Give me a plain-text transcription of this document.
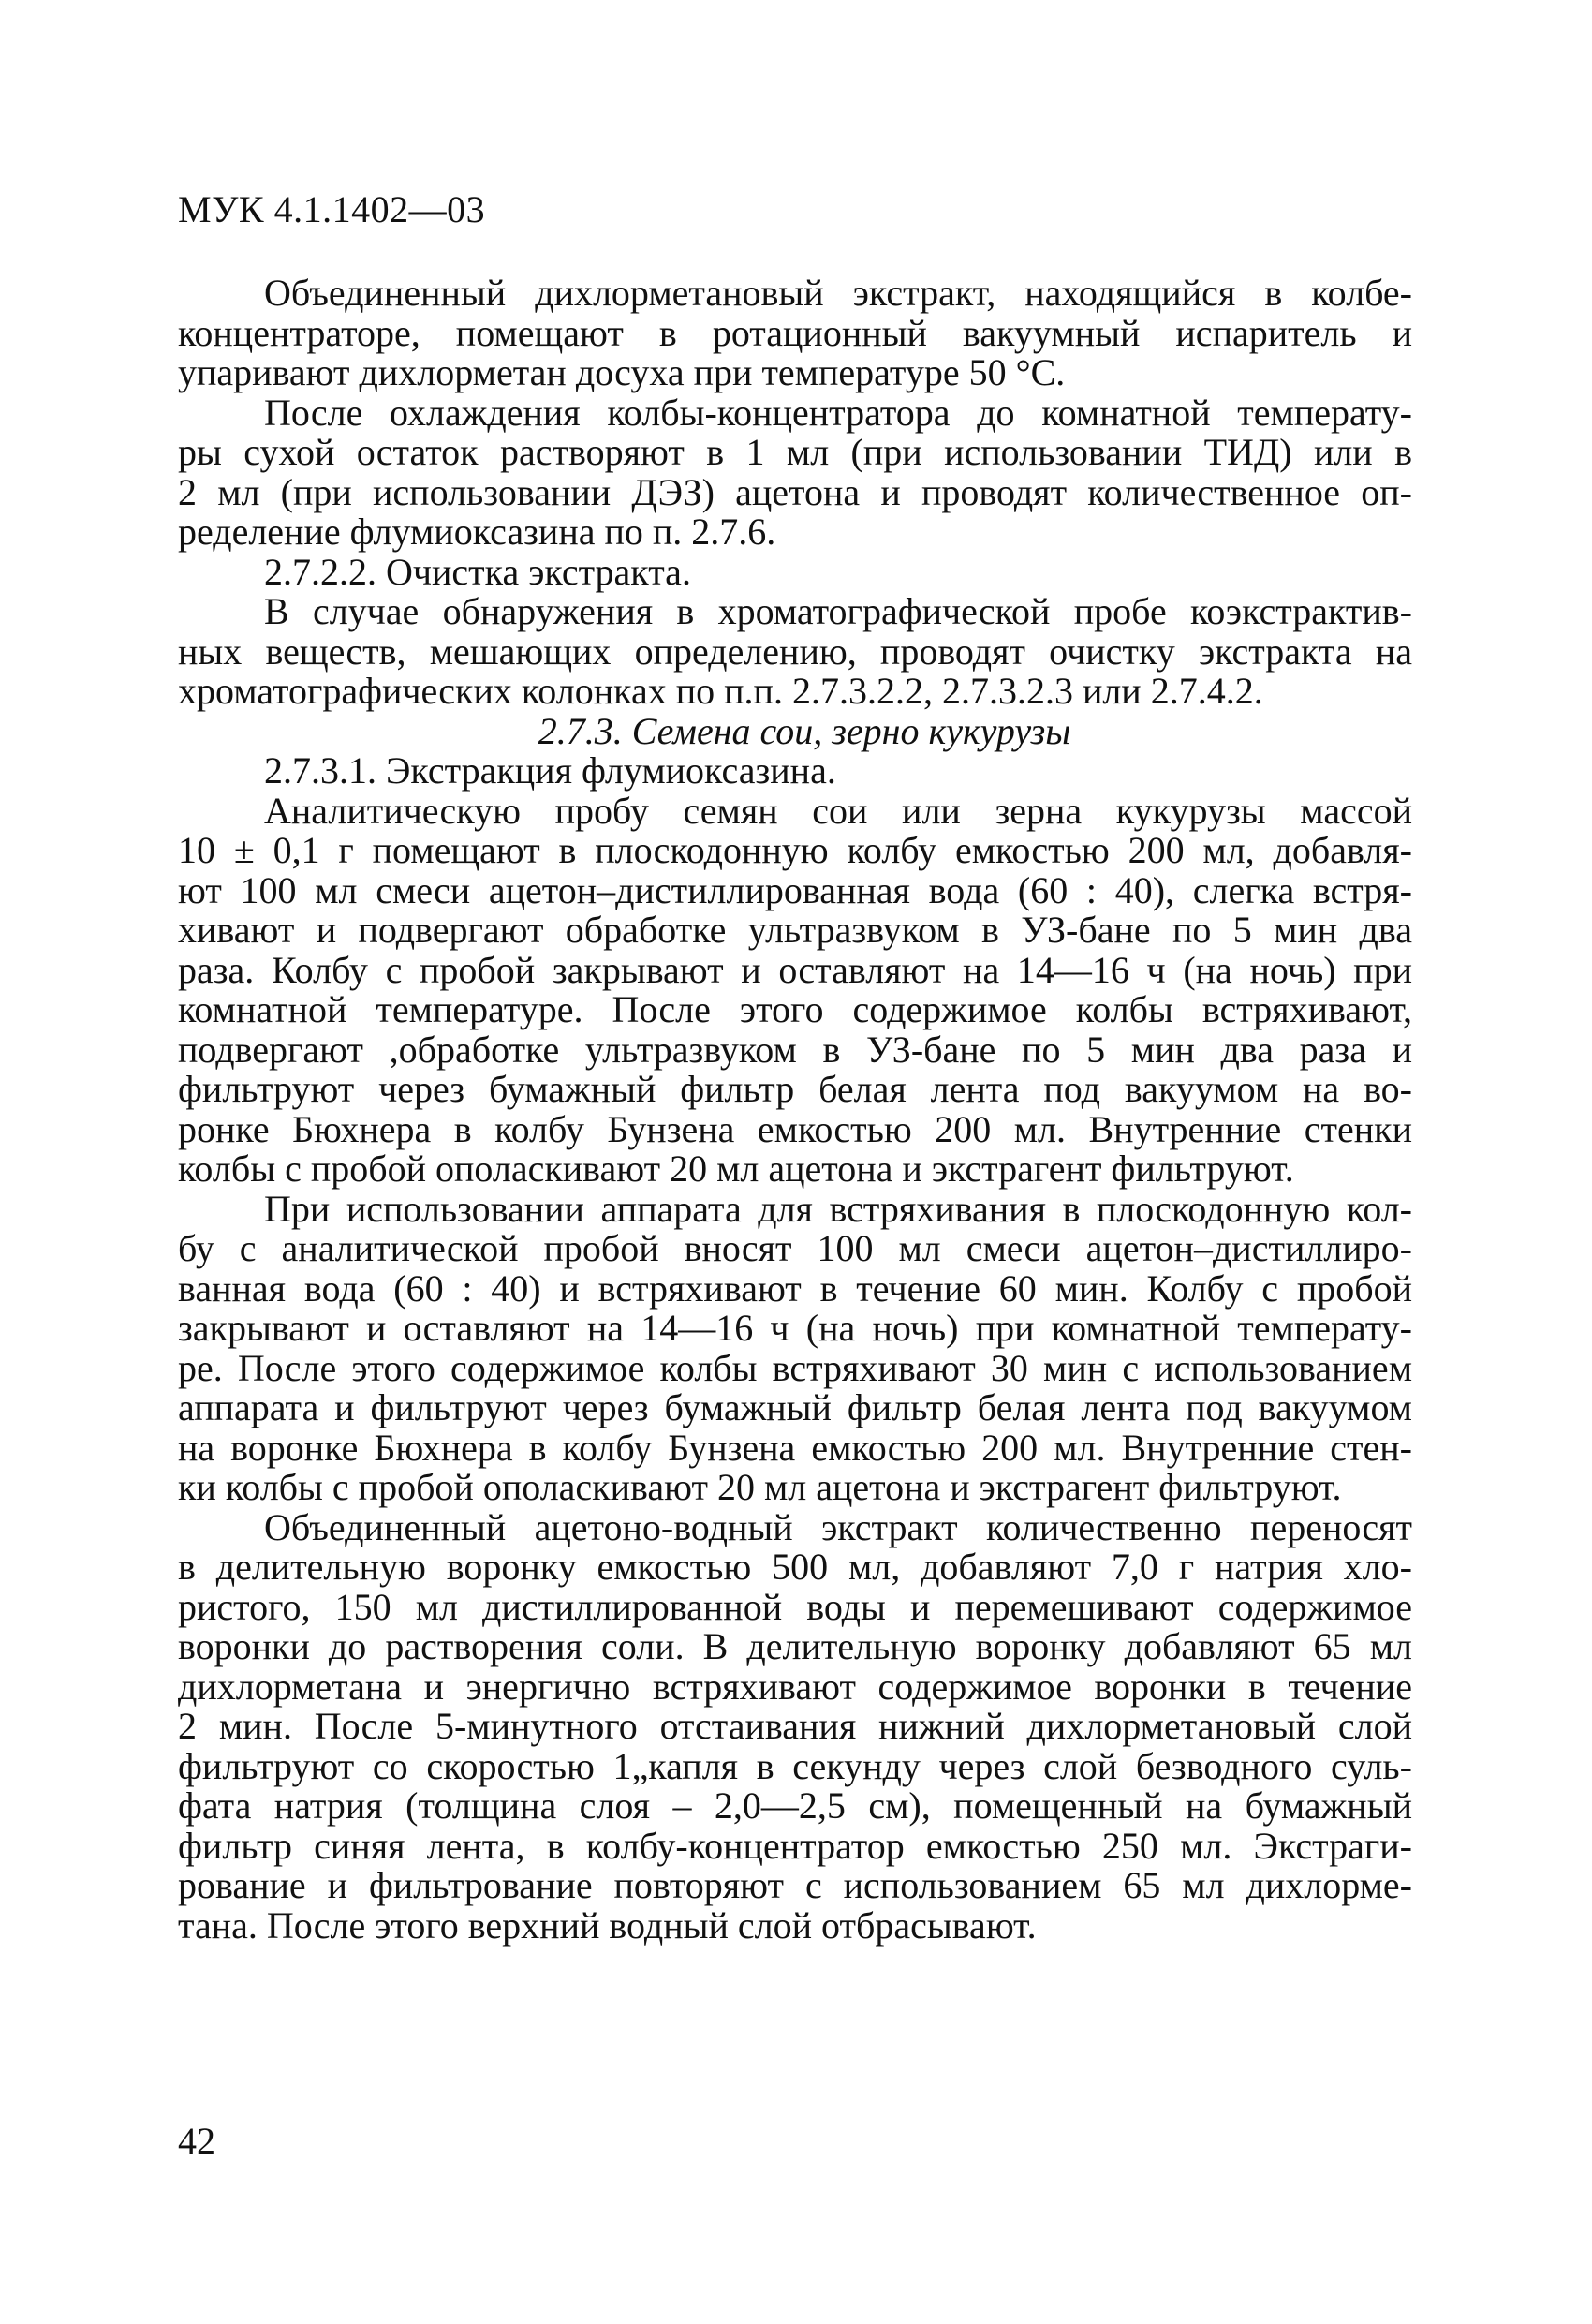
МУК 4.1.1402—03
Объединенный дихлорметановый экстракт, находящийся в колбе-
концентраторе, помещают в ротационный вакуумный испаритель и
упаривают дихлорметан досуха при температуре 50 °С.
После охлаждения колбы-концентратора до комнатной температу-
ры сухой остаток растворяют в 1 мл (при использовании ТИД) или в
2 мл (при использовании ДЭЗ) ацетона и проводят количественное оп-
ределение флумиоксазина по п. 2.7.6.
2.7.2.2. Очистка экстракта.
В случае обнаружения в хроматографической пробе коэкстрактив-
ных веществ, мешающих определению, проводят очистку экстракта на
хроматографических колонках по п.п. 2.7.3.2.2, 2.7.3.2.3 или 2.7.4.2.
2.7.3. Семена сои, зерно кукурузы
2.7.3.1. Экстракция флумиоксазина.
Аналитическую пробу семян сои или зерна кукурузы массой
10 ± 0,1 г помещают в плоскодонную колбу емкостью 200 мл, добавля-
ют 100 мл смеси ацетон–дистиллированная вода (60 : 40), слегка встря-
хивают и подвергают обработке ультразвуком в УЗ-бане по 5 мин два
раза. Колбу с пробой закрывают и оставляют на 14—16 ч (на ночь) при
комнатной температуре. После этого содержимое колбы встряхивают,
подвергают ,обработке ультразвуком в УЗ-бане по 5 мин два раза и
фильтруют через бумажный фильтр белая лента под вакуумом на во-
ронке Бюхнера в колбу Бунзена емкостью 200 мл. Внутренние стенки
колбы с пробой ополаскивают 20 мл ацетона и экстрагент фильтруют.
При использовании аппарата для встряхивания в плоскодонную кол-
бу с аналитической пробой вносят 100 мл смеси ацетон–дистиллиро-
ванная вода (60 : 40) и встряхивают в течение 60 мин. Колбу с пробой
закрывают и оставляют на 14—16 ч (на ночь) при комнатной температу-
ре. После этого содержимое колбы встряхивают 30 мин с использованием
аппарата и фильтруют через бумажный фильтр белая лента под вакуумом
на воронке Бюхнера в колбу Бунзена емкостью 200 мл. Внутренние стен-
ки колбы с пробой ополаскивают 20 мл ацетона и экстрагент фильтруют.
Объединенный ацетоно-водный экстракт количественно переносят
в делительную воронку емкостью 500 мл, добавляют 7,0 г натрия хло-
ристого, 150 мл дистиллированной воды и перемешивают содержимое
воронки до растворения соли. В делительную воронку добавляют 65 мл
дихлорметана и энергично встряхивают содержимое воронки в течение
2 мин. После 5-минутного отстаивания нижний дихлорметановый слой
фильтруют со скоростью 1„капля в секунду через слой безводного суль-
фата натрия (толщина слоя – 2,0—2,5 см), помещенный на бумажный
фильтр синяя лента, в колбу-концентратор емкостью 250 мл. Экстраги-
рование и фильтрование повторяют с использованием 65 мл дихлорме-
тана. После этого верхний водный слой отбрасывают.
42
